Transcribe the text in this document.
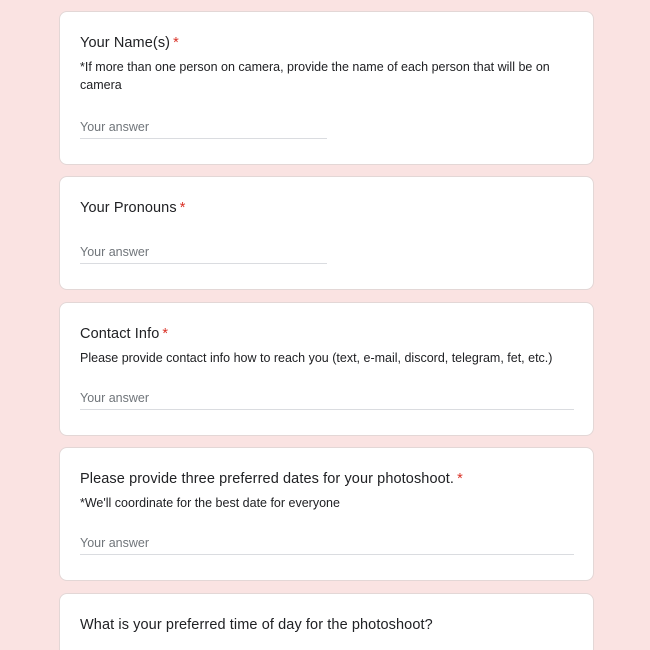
Your Name(s) *
*If more than one person on camera, provide the name of each person that will be on camera
Your answer
Your Pronouns *
Your answer
Contact Info *
Please provide contact info how to reach you (text, e-mail, discord, telegram, fet, etc.)
Your answer
Please provide three preferred dates for your photoshoot. *
*We'll coordinate for the best date for everyone
Your answer
What is your preferred time of day for the photoshoot?
